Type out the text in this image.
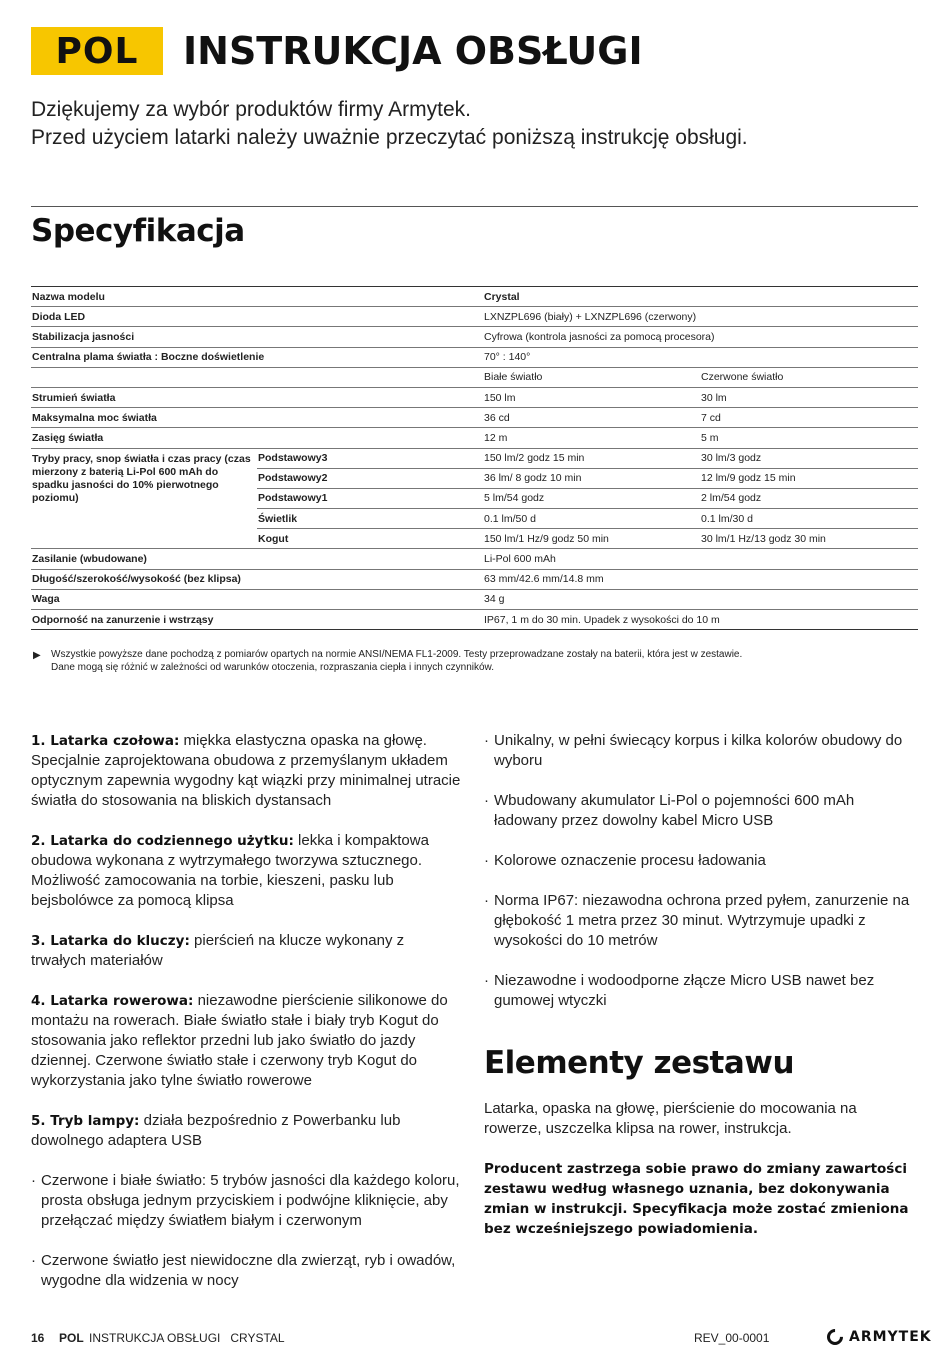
POL	INSTRUKCJA OBSŁUGI
Dziękujemy za wybór produktów firmy Armytek.
Przed użyciem latarki należy uważnie przeczytać poniższą instrukcję obsługi.
Specyfikacja
Nazwa modelu		Crystal	
Dioda LED		LXNZPL696 (biały) + LXNZPL696 (czerwony)	
Stabilizacja jasności		Cyfrowa (kontrola jasności za pomocą procesora)	
Centralna plama światła : Boczne doświetlenie		70° : 140°	
		Białe światło	Czerwone światło
Strumień światła		150 lm	30 lm
Maksymalna moc światła		36 cd	7 cd
Zasięg światła		12 m	5 m
Tryby pracy, snop światła i czas pracy (czas mierzony z baterią Li-Pol 600 mAh do spadku jasności do 10% pierwotnego poziomu)	Podstawowy3	150 lm/2 godz 15 min	30 lm/3 godz
	Podstawowy2	36 lm/ 8 godz 10 min	12 lm/9 godz 15 min
	Podstawowy1	5 lm/54 godz	2 lm/54 godz
	Świetlik	0.1 lm/50 d	0.1 lm/30 d
	Kogut	150 lm/1 Hz/9 godz 50 min	30 lm/1 Hz/13 godz 30 min
Zasilanie (wbudowane)		Li-Pol 600 mAh	
Długość/szerokość/wysokość (bez klipsa)		63 mm/42.6 mm/14.8 mm	
Waga		34 g	
Odporność na zanurzenie i wstrząsy		IP67, 1 m do 30 min. Upadek z wysokości do 10 m	
▶ Wszystkie powyższe dane pochodzą z pomiarów opartych na normie ANSI/NEMA FL1-2009. Testy przeprowadzane zostały na baterii, która jest w zestawie.
Dane mogą się różnić w zależności od warunków otoczenia, rozpraszania ciepła i innych czynników.
1. Latarka czołowa: miękka elastyczna opaska na głowę. Specjalnie zaprojektowana obudowa z przemyślanym układem optycznym zapewnia wygodny kąt wiązki przy minimalnej utracie światła do stosowania na bliskich dystansach
2. Latarka do codziennego użytku: lekka i kompaktowa obudowa wykonana z wytrzymałego tworzywa sztucznego. Możliwość zamocowania na torbie, kieszeni, pasku lub bejsbolówce za pomocą klipsa
3. Latarka do kluczy: pierścień na klucze wykonany z trwałych materiałów
4. Latarka rowerowa: niezawodne pierścienie silikonowe do montażu na rowerach. Białe światło stałe i biały tryb Kogut do stosowania jako reflektor przedni lub jako światło do jazdy dziennej. Czerwone światło stałe i czerwony tryb Kogut do wykorzystania jako tylne światło rowerowe
5. Tryb lampy: działa bezpośrednio z Powerbanku lub dowolnego adaptera USB
· Czerwone i białe światło: 5 trybów jasności dla każdego koloru, prosta obsługa jednym przyciskiem i podwójne kliknięcie, aby przełączać między światłem białym i czerwonym
· Czerwone światło jest niewidoczne dla zwierząt, ryb i owadów, wygodne dla widzenia w nocy
· Unikalny, w pełni świecący korpus i kilka kolorów obudowy do wyboru
· Wbudowany akumulator Li-Pol o pojemności 600 mAh ładowany przez dowolny kabel Micro USB
· Kolorowe oznaczenie procesu ładowania
· Norma IP67: niezawodna ochrona przed pyłem, zanurzenie na głębokość 1 metra przez 30 minut. Wytrzymuje upadki z wysokości do 10 metrów
· Niezawodne i wodoodporne złącze Micro USB nawet bez gumowej wtyczki
Elementy zestawu
Latarka, opaska na głowę, pierścienie do mocowania na rowerze, uszczelka klipsa na rower, instrukcja.
Producent zastrzega sobie prawo do zmiany zawartości zestawu według własnego uznania, bez dokonywania zmian w instrukcji. Specyfikacja może zostać zmieniona bez wcześniejszego powiadomienia.
16 POL INSTRUKCJA OBSŁUGI   CRYSTAL	REV_00-0001	ARMYTEK
